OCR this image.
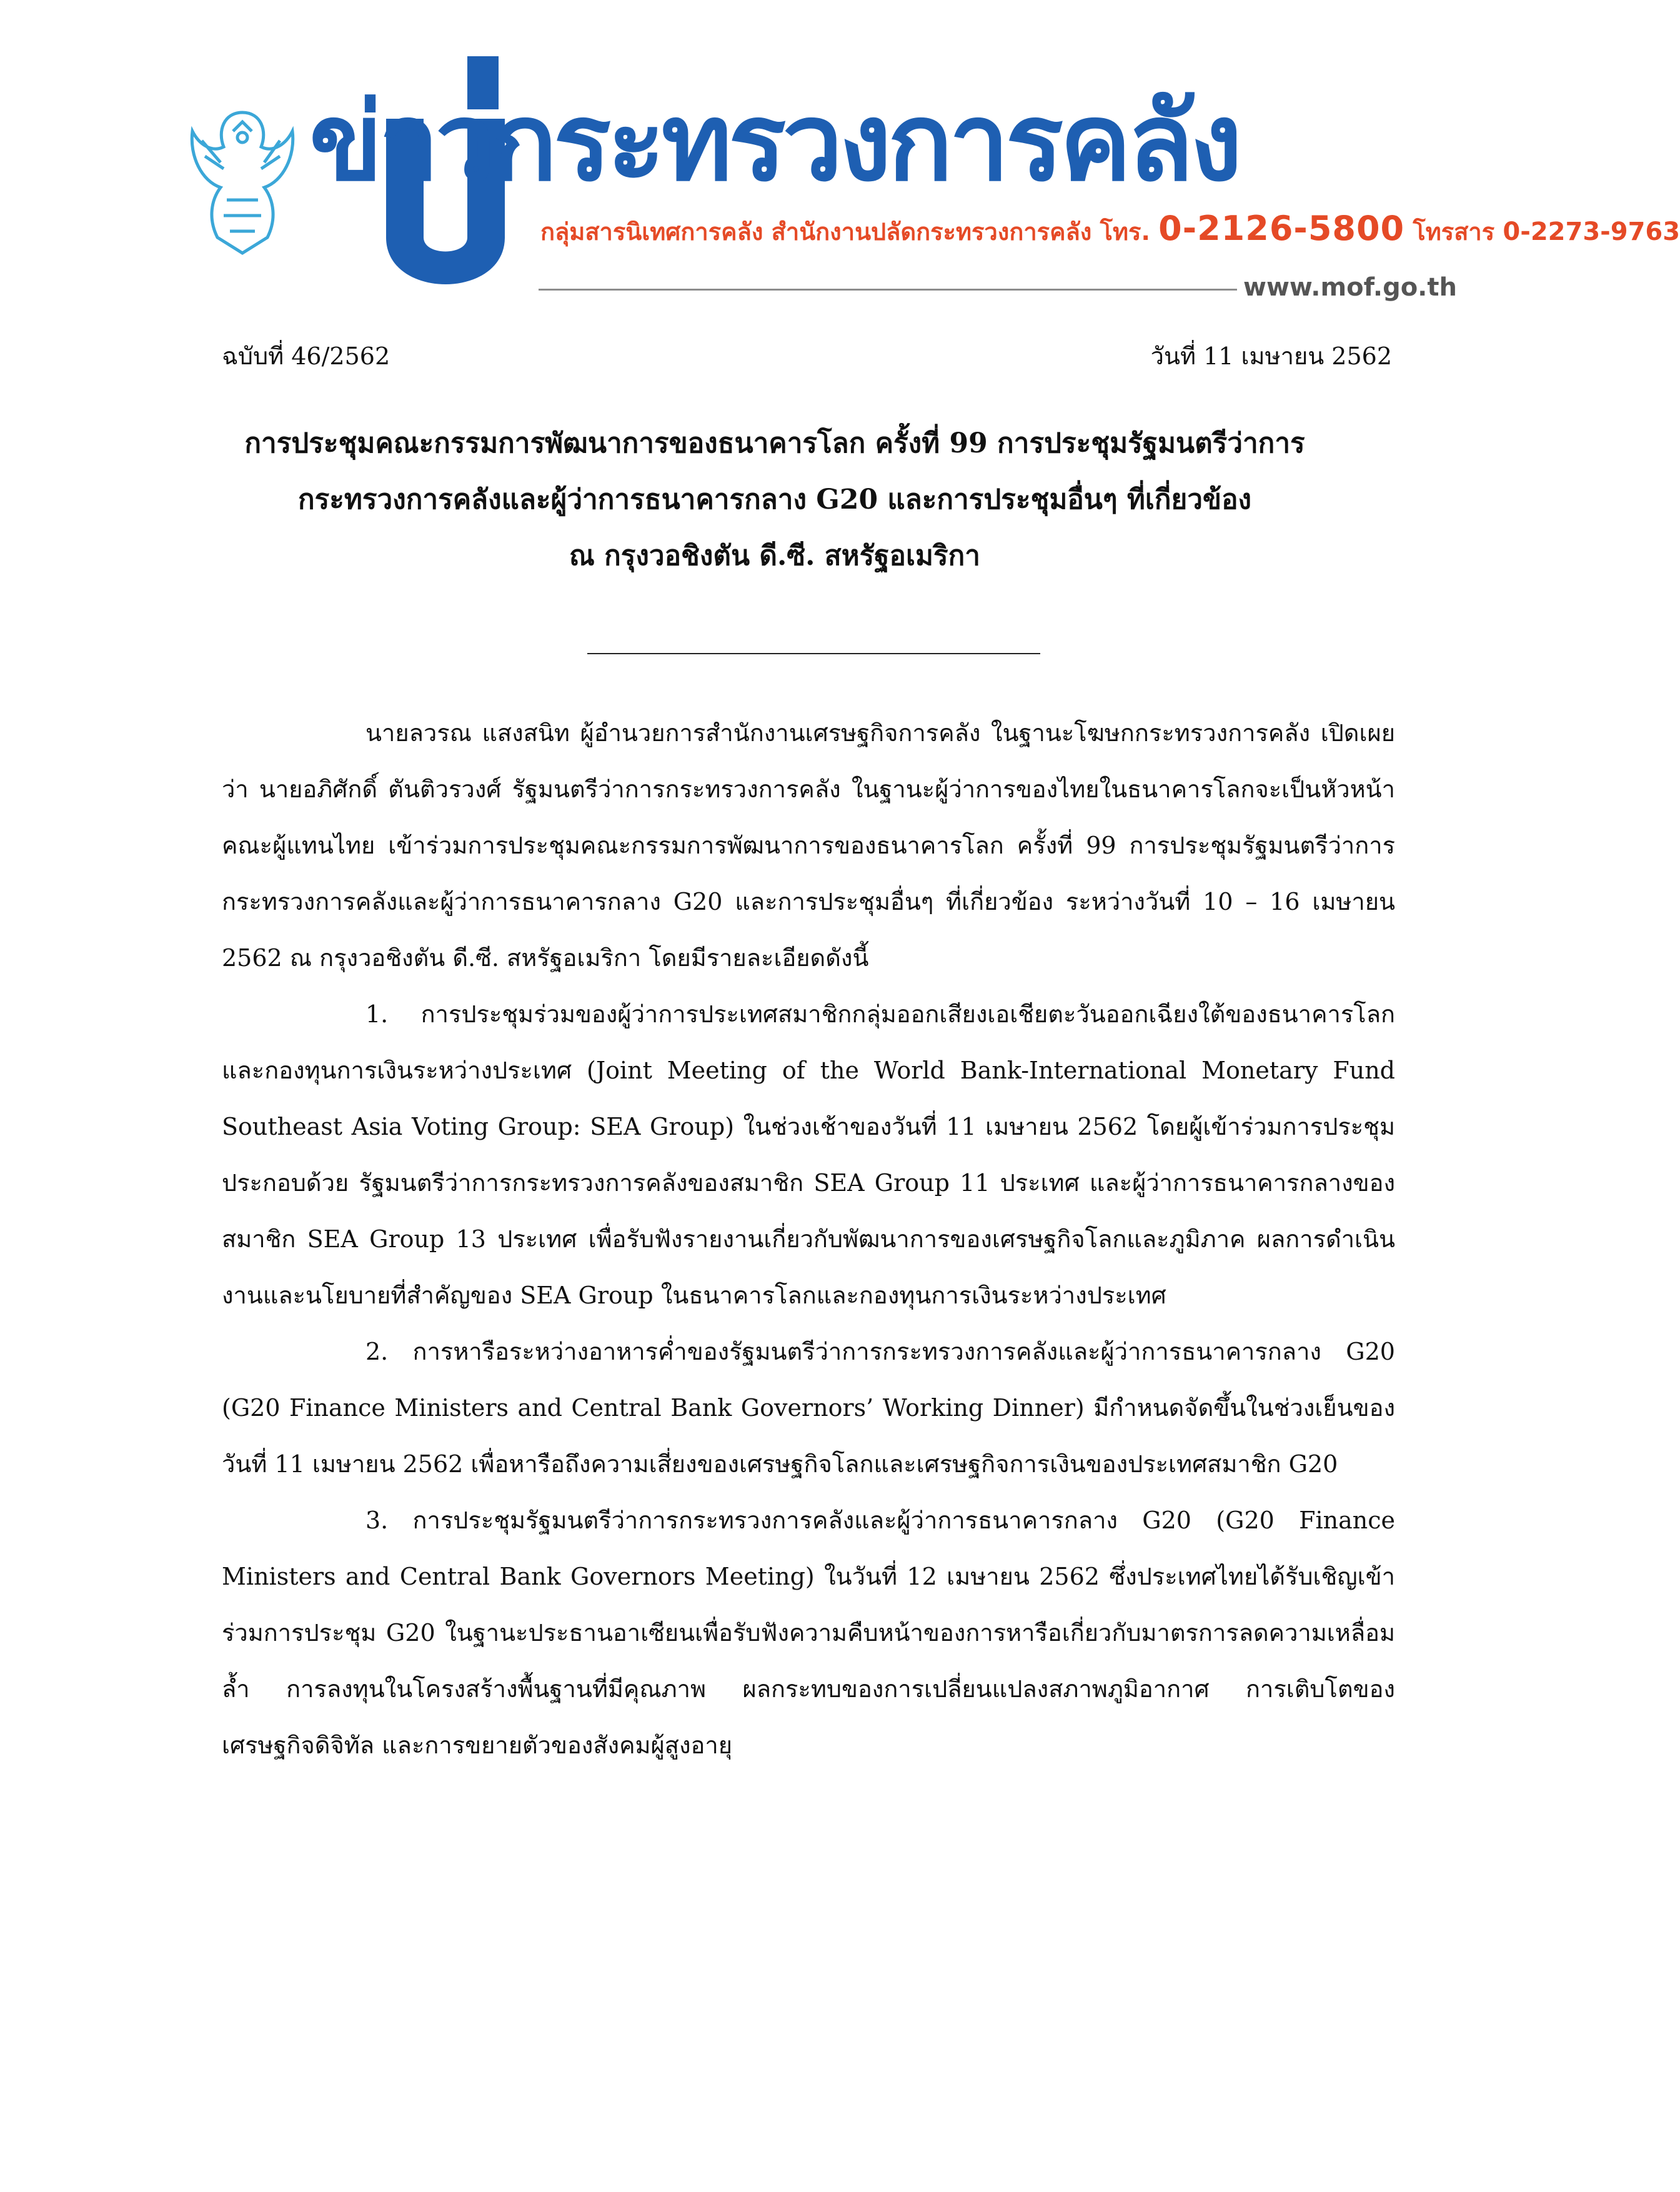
ข่าวกระทรวงการคลัง
กลุ่มสารนิเทศการคลัง สำนักงานปลัดกระทรวงการคลัง โทร. 0-2126-5800 โทรสาร 0-2273-9763
www.mof.go.th
ฉบับที่ 46/2562	วันที่ 11 เมษายน 2562
การประชุมคณะกรรมการพัฒนาการของธนาคารโลก ครั้งที่ 99 การประชุมรัฐมนตรีว่าการ
กระทรวงการคลังและผู้ว่าการธนาคารกลาง G20 และการประชุมอื่นๆ ที่เกี่ยวข้อง
ณ กรุงวอชิงตัน ดี.ซี. สหรัฐอเมริกา

นายลวรณ แสงสนิท ผู้อำนวยการสำนักงานเศรษฐกิจการคลัง ในฐานะโฆษกกระทรวงการคลัง เปิดเผยว่า นายอภิศักดิ์ ตันติวรวงศ์ รัฐมนตรีว่าการกระทรวงการคลัง ในฐานะผู้ว่าการของไทยในธนาคารโลกจะเป็นหัวหน้าคณะผู้แทนไทย เข้าร่วมการประชุมคณะกรรมการพัฒนาการของธนาคารโลก ครั้งที่ 99 การประชุมรัฐมนตรีว่าการกระทรวงการคลังและผู้ว่าการธนาคารกลาง G20 และการประชุมอื่นๆ ที่เกี่ยวข้อง ระหว่างวันที่ 10 – 16 เมษายน 2562 ณ กรุงวอชิงตัน ดี.ซี. สหรัฐอเมริกา โดยมีรายละเอียดดังนี้

1. การประชุมร่วมของผู้ว่าการประเทศสมาชิกกลุ่มออกเสียงเอเชียตะวันออกเฉียงใต้ของธนาคารโลกและกองทุนการเงินระหว่างประเทศ (Joint Meeting of the World Bank-International Monetary Fund Southeast Asia Voting Group: SEA Group) ในช่วงเช้าของวันที่ 11 เมษายน 2562 โดยผู้เข้าร่วมการประชุมประกอบด้วย รัฐมนตรีว่าการกระทรวงการคลังของสมาชิก SEA Group 11 ประเทศ และผู้ว่าการธนาคารกลางของสมาชิก SEA Group 13 ประเทศ เพื่อรับฟังรายงานเกี่ยวกับพัฒนาการของเศรษฐกิจโลกและภูมิภาค ผลการดำเนินงานและนโยบายที่สำคัญของ SEA Group ในธนาคารโลกและกองทุนการเงินระหว่างประเทศ

2. การหารือระหว่างอาหารค่ำของรัฐมนตรีว่าการกระทรวงการคลังและผู้ว่าการธนาคารกลาง G20 (G20 Finance Ministers and Central Bank Governors’ Working Dinner) มีกำหนดจัดขึ้นในช่วงเย็นของวันที่ 11 เมษายน 2562 เพื่อหารือถึงความเสี่ยงของเศรษฐกิจโลกและเศรษฐกิจการเงินของประเทศสมาชิก G20

3. การประชุมรัฐมนตรีว่าการกระทรวงการคลังและผู้ว่าการธนาคารกลาง G20 (G20 Finance Ministers and Central Bank Governors Meeting) ในวันที่ 12 เมษายน 2562 ซึ่งประเทศไทยได้รับเชิญเข้าร่วมการประชุม G20 ในฐานะประธานอาเซียนเพื่อรับฟังความคืบหน้าของการหารือเกี่ยวกับมาตรการลดความเหลื่อมล้ำ การลงทุนในโครงสร้างพื้นฐานที่มีคุณภาพ ผลกระทบของการเปลี่ยนแปลงสภาพภูมิอากาศ การเติบโตของเศรษฐกิจดิจิทัล และการขยายตัวของสังคมผู้สูงอายุ
